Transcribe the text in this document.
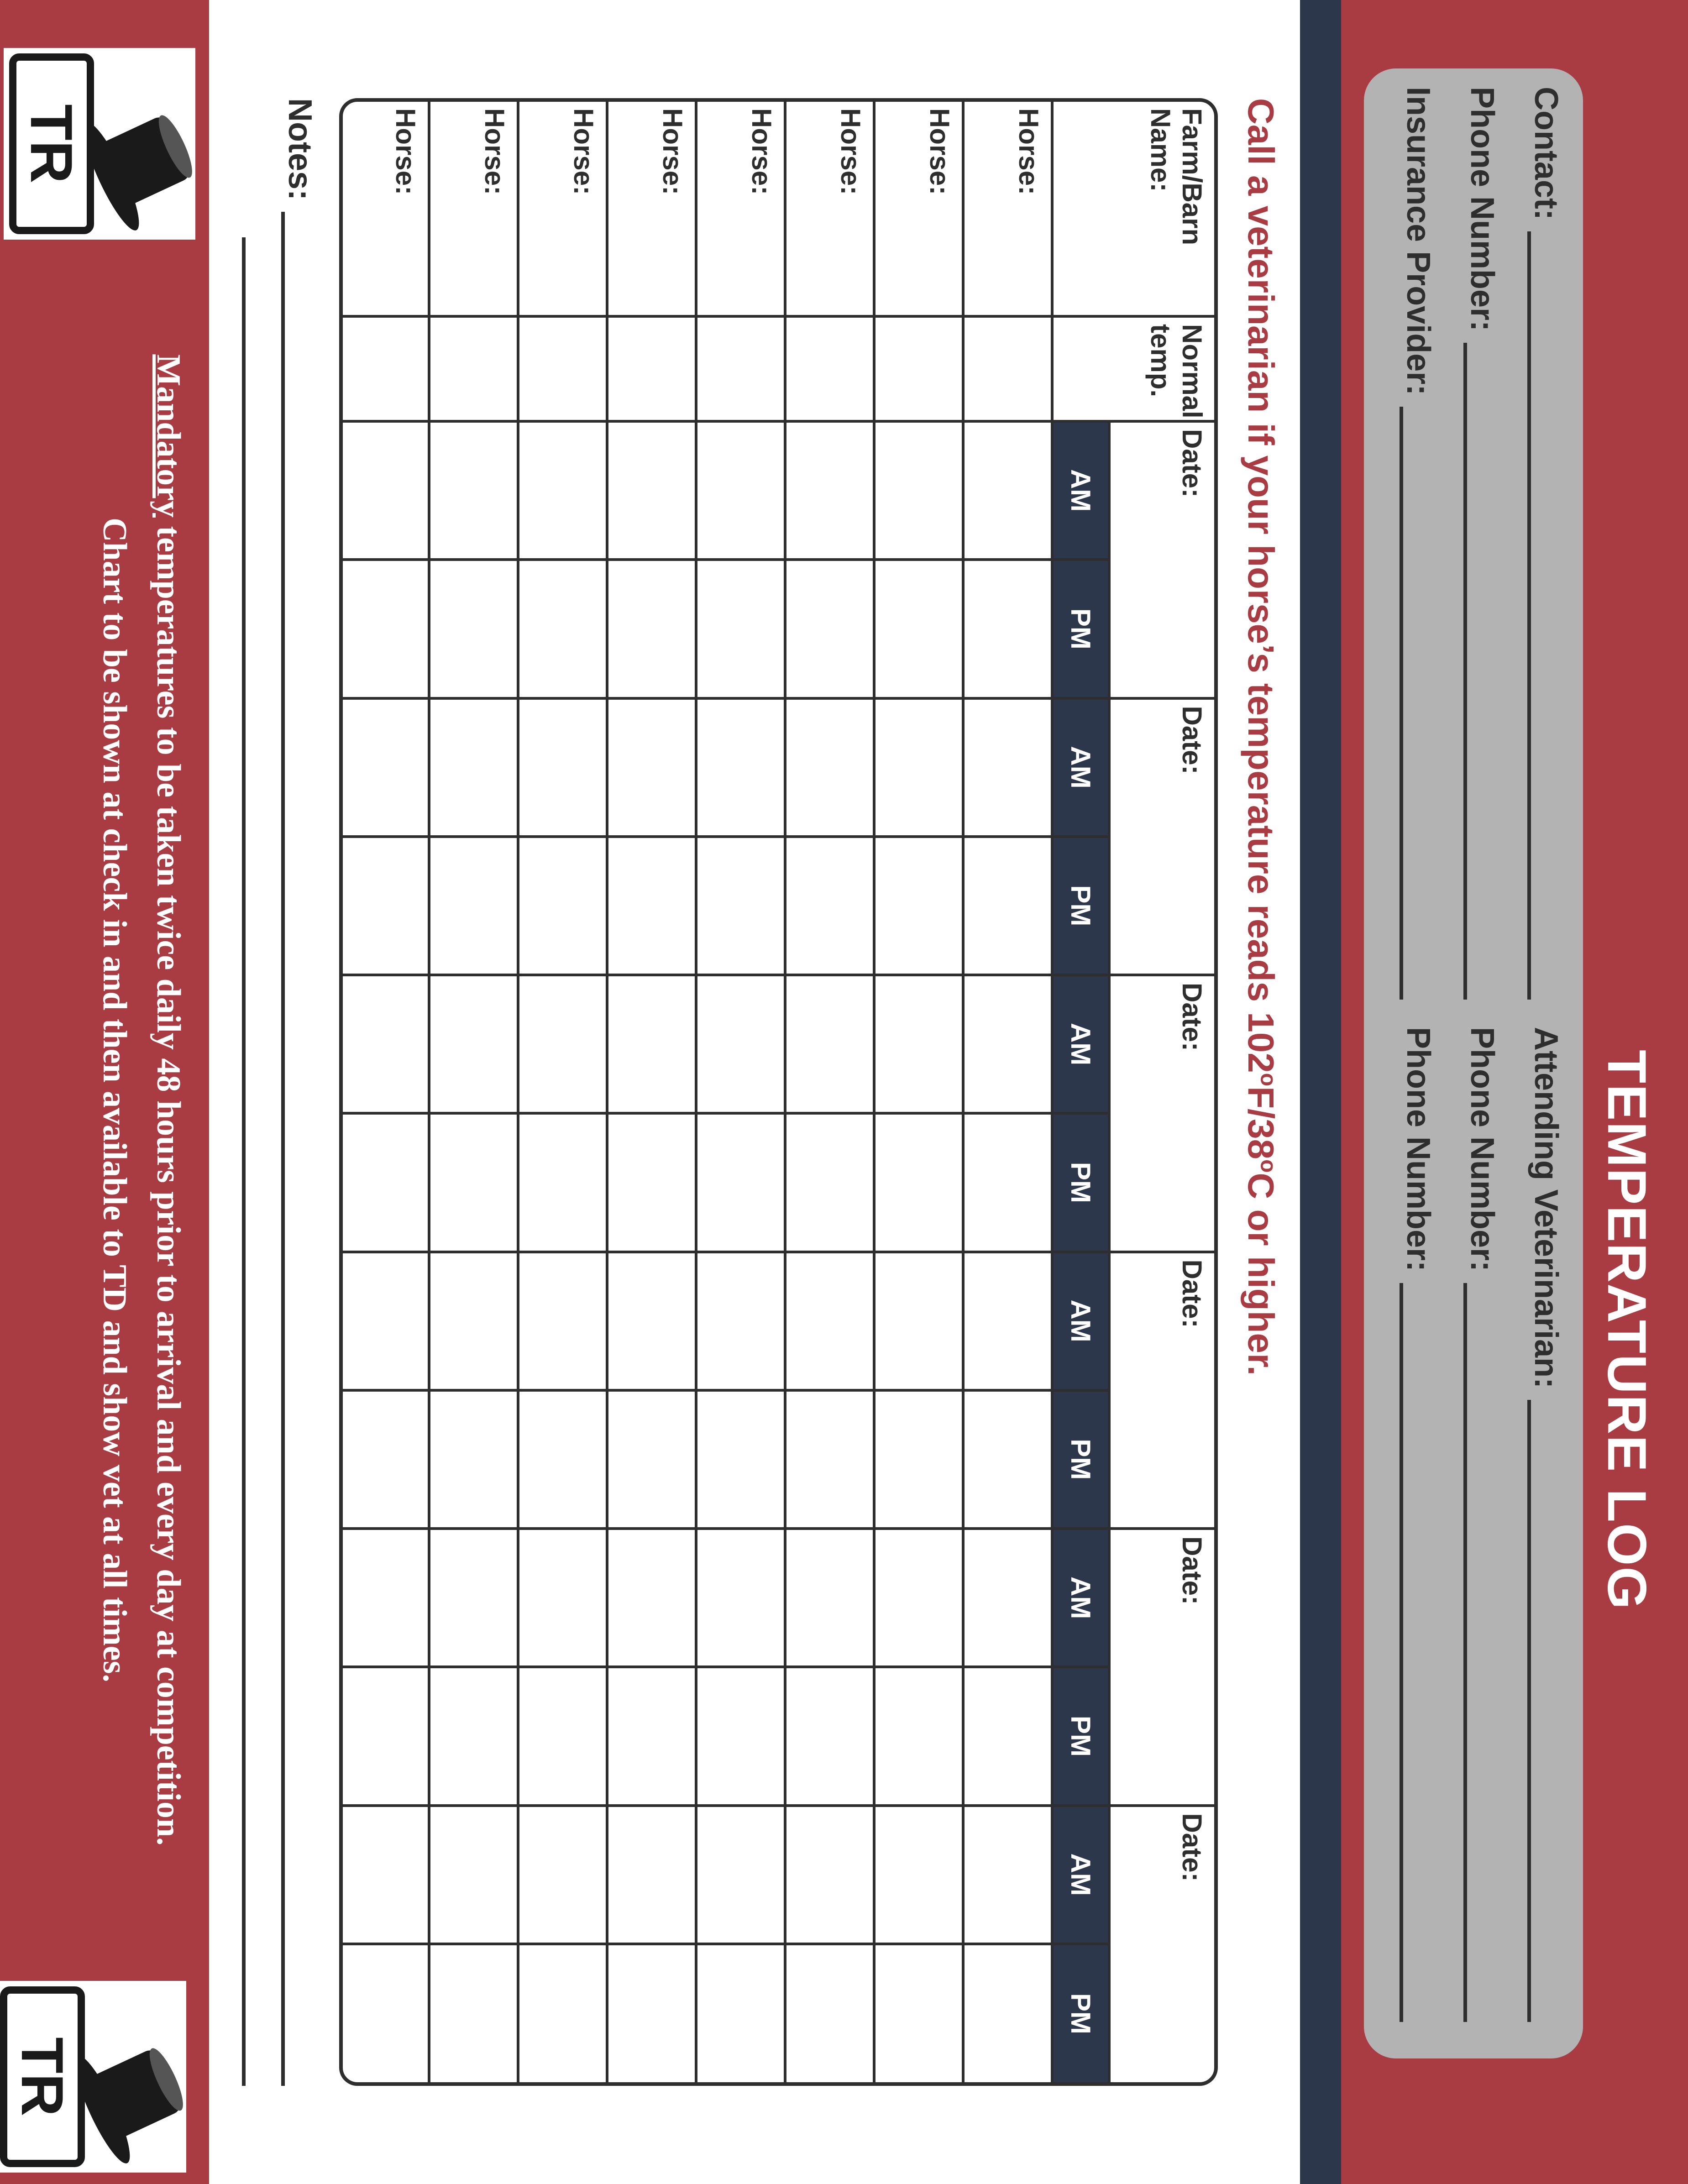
TEMPERATURE LOG
Contact:
Phone Number:
Insurance Provider:
Attending Veterinarian:
Phone Number:
Phone Number:
Call a veterinarian if your horse’s temperature reads 102$^o$F/38$^o$C or higher.
Farm/Barn Name:	Normal temp.	Date:		Date:		Date:		Date:		Date:		Date:	
		AM	PM	AM	PM	AM	PM	AM	PM	AM	PM	AM	PM
Horse:													
Horse:													
Horse:													
Horse:													
Horse:													
Horse:													
Horse:													
Horse:													
Notes:
Mandatory temperatures to be taken twice daily 48 hours prior to arrival and every day at competition.
Chart to be shown at check in and then available to TD and show vet at all times.
TR
TR
